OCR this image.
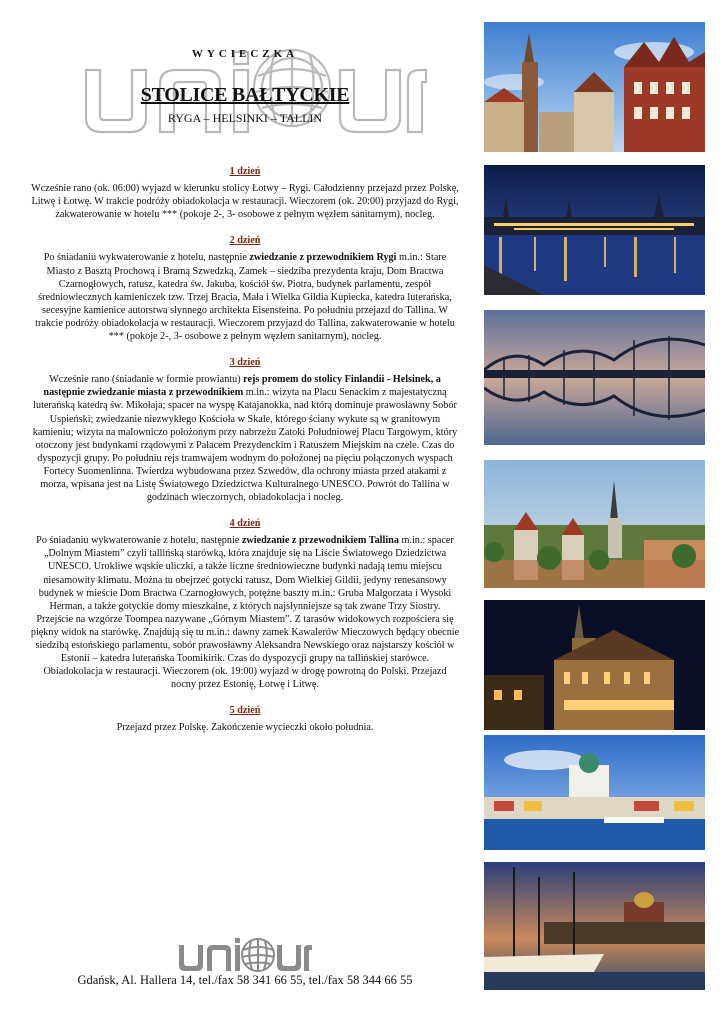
WYCIECZKA
STOLICE BAŁTYCKIE
RYGA – HELSINKI – TALLIN
1 dzień

Wcześnie rano (ok. 06:00) wyjazd w kierunku stolicy Łotwy – Rygi. Całodzienny przejazd przez Polskę, Litwę i Łotwę. W trakcie podróży obiadokolacja w restauracji. Wieczorem (ok. 20:00) przyjazd do Rygi, zakwaterowanie w hotelu *** (pokoje 2-, 3- osobowe z pełnym węzłem sanitarnym), nocleg.

2 dzień

Po śniadaniu wykwaterowanie z hotelu, następnie zwiedzanie z przewodnikiem Rygi m.in.: Stare Miasto z Basztą Prochową i Bramą Szwedzką, Zamek – siedziba prezydenta kraju, Dom Bractwa Czarnogłowych, ratusz, katedra św. Jakuba, kościół św. Piotra, budynek parlamentu, zespół średniowiecznych kamieniczek tzw. Trzej Bracia, Mała i Wielka Gildia Kupiecka, katedra luterańska, secesyjne kamienice autorstwa słynnego architekta Eisensteina. Po południu przejazd do Tallina. W trakcie podróży obiadokolacja w restauracji. Wieczorem przyjazd do Tallina, zakwaterowanie w hotelu *** (pokoje 2-, 3- osobowe z pełnym węzłem sanitarnym), nocleg.

3 dzień

Wcześnie rano (śniadanie w formie prowiantu) rejs promem do stolicy Finlandii - Helsinek, a następnie zwiedzanie miasta z przewodnikiem m.in.: wizyta na Placu Senackim z majestatyczną luterańską katedrą św. Mikołaja; spacer na wyspę Katajanokka, nad którą dominuje prawosławny Sobór Uspieński; zwiedzanie niezwykłego Kościoła w Skale, którego ściany wykute są w granitowym kamieniu; wizyta na malowniczo położonym przy nabrzeżu Zatoki Południowej Placu Targowym, który otoczony jest budynkami rządowymi z Pałacem Prezydenckim i Ratuszem Miejskim na czele. Czas do dyspozycji grupy. Po południu rejs tramwajem wodnym do położonej na pięciu połączonych wyspach Fortecy Suomenlinna. Twierdza wybudowana przez Szwedów, dla ochrony miasta przed atakami z morza, wpisana jest na Listę Światowego Dziedzictwa Kulturalnego UNESCO. Powrót do Tallina w godzinach wieczornych, obiadokolacja i nocleg.

4 dzień

Po śniadaniu wykwaterowanie z hotelu, następnie zwiedzanie z przewodnikiem Tallina m.in.: spacer „Dolnym Miastem” czyli tallińską starówką, która znajduje się na Liście Światowego Dziedzictwa UNESCO. Urokliwe wąskie uliczki, a także liczne średniowieczne budynki nadają temu miejscu niesamowity klimatu. Można tu obejrzeć gotycki ratusz, Dom Wielkiej Gildii, jedyny renesansowy budynek w mieście Dom Bractwa Czarnogłowych, potężne baszty m.in.: Gruba Małgorzata i Wysoki Herman, a także gotyckie domy mieszkalne, z których najsłynniejsze są tak zwane Trzy Siostry. Przejście na wzgórze Toompea nazywane „Górnym Miastem”. Z tarasów widokowych rozpościera się piękny widok na starówkę. Znajdują się tu m.in.: dawny zamek Kawalerów Mieczowych będący obecnie siedzibą estońskiego parlamentu, sobór prawosławny Aleksandra Newskiego oraz najstarszy kościół w Estonii – katedra luterańska Toomikirik. Czas do dyspozycji grupy na tallińskiej starówce. Obiadokolacja w restauracji. Wieczorem (ok. 19:00) wyjazd w drogę powrotną do Polski. Przejazd nocny przez Estonię, Łotwę i Litwę.

5 dzień

Przejazd przez Polskę. Zakończenie wycieczki około południa.

Gdańsk, Al. Hallera 14, tel./fax 58 341 66 55, tel./fax 58 344 66 55
